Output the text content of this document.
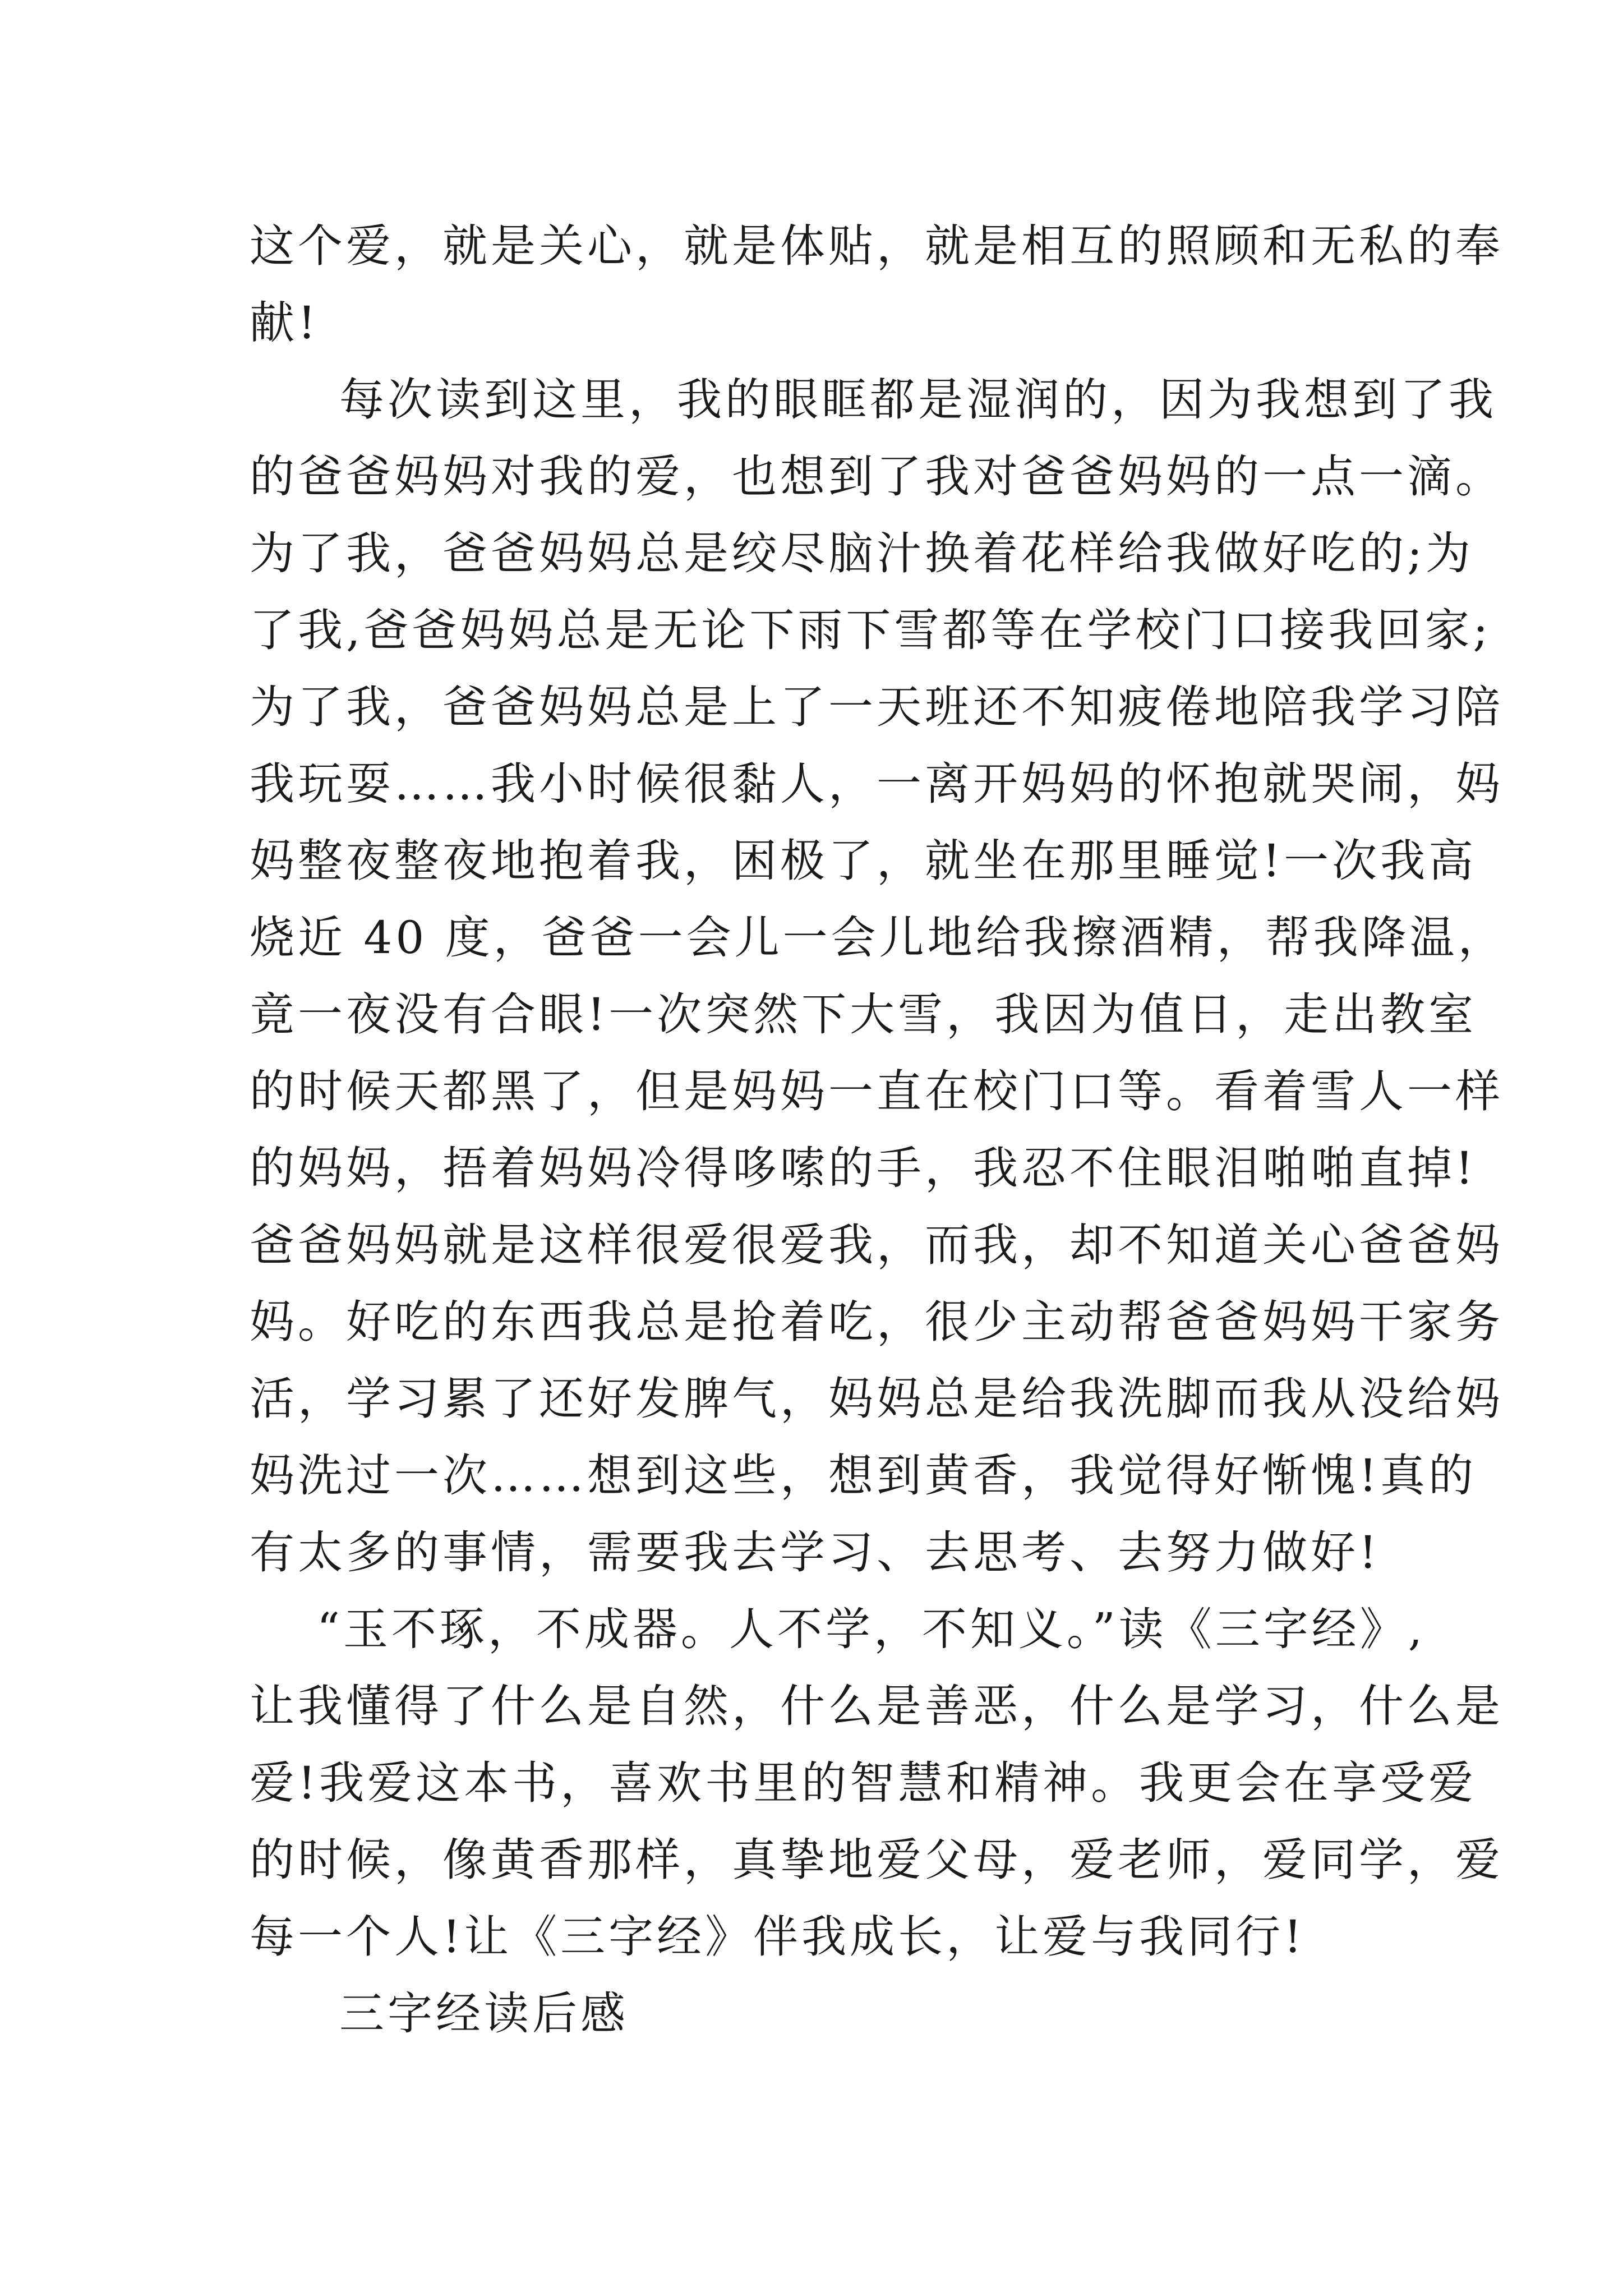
这个爱，就是关心，就是体贴，就是相互的照顾和无私的奉
献!
每次读到这里，我的眼眶都是湿润的，因为我想到了我
的爸爸妈妈对我的爱，也想到了我对爸爸妈妈的一点一滴。
为了我，爸爸妈妈总是绞尽脑汁换着花样给我做好吃的;为
了我,爸爸妈妈总是无论下雨下雪都等在学校门口接我回家;
为了我，爸爸妈妈总是上了一天班还不知疲倦地陪我学习陪
我玩耍……我小时候很黏人，一离开妈妈的怀抱就哭闹，妈
妈整夜整夜地抱着我，困极了，就坐在那里睡觉!一次我高
烧近 40 度，爸爸一会儿一会儿地给我擦酒精，帮我降温，
竟一夜没有合眼!一次突然下大雪，我因为值日，走出教室
的时候天都黑了，但是妈妈一直在校门口等。看着雪人一样
的妈妈，捂着妈妈冷得哆嗦的手，我忍不住眼泪啪啪直掉!
爸爸妈妈就是这样很爱很爱我，而我，却不知道关心爸爸妈
妈。好吃的东西我总是抢着吃，很少主动帮爸爸妈妈干家务
活，学习累了还好发脾气，妈妈总是给我洗脚而我从没给妈
妈洗过一次……想到这些，想到黄香，我觉得好惭愧!真的
有太多的事情，需要我去学习、去思考、去努力做好!
“玉不琢，不成器。人不学，不知义。”读《三字经》,
让我懂得了什么是自然，什么是善恶，什么是学习，什么是
爱!我爱这本书，喜欢书里的智慧和精神。我更会在享受爱
的时候，像黄香那样，真挚地爱父母，爱老师，爱同学，爱
每一个人!让《三字经》伴我成长，让爱与我同行!
三字经读后感
